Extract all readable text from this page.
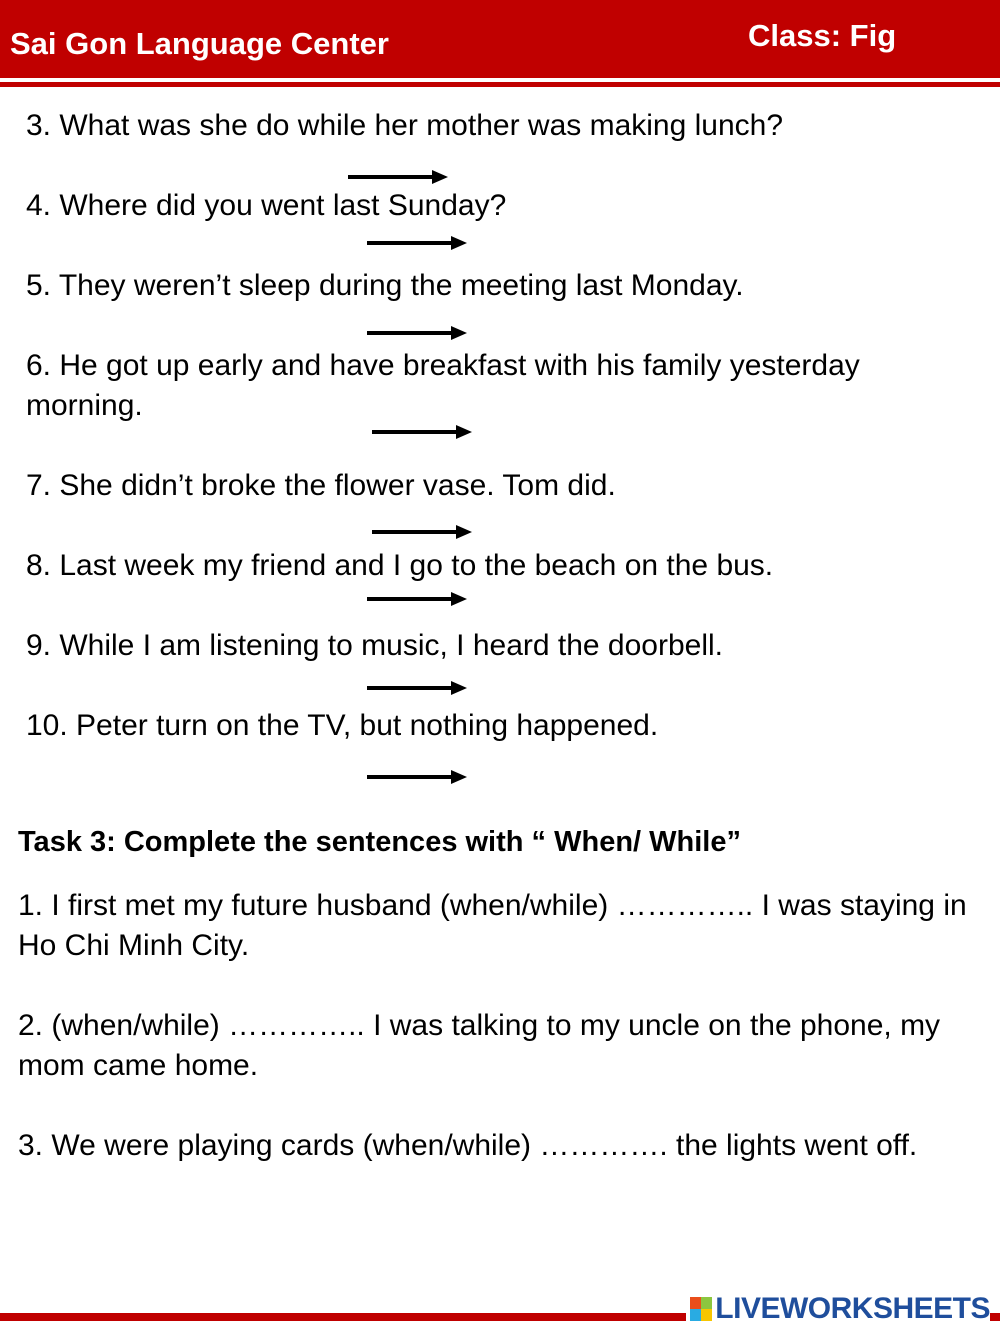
Sai Gon Language Center	Class: Fig
3. What was she do while her mother was making lunch?
4. Where did you went last Sunday?
5. They weren’t sleep during the meeting last Monday.
6. He got up early and have breakfast with his family yesterday morning.
7. She didn’t broke the flower vase. Tom did.
8. Last week my friend and I go to the beach on the bus.
9. While I am listening to music, I heard the doorbell.
10. Peter turn on the TV, but nothing happened.
Task 3: Complete the sentences with “ When/ While”
1. I first met my future husband (when/while) ………….. I was staying in Ho Chi Minh City.
2. (when/while) ………….. I was talking to my uncle on the phone, my mom came home.
3. We were playing cards (when/while) …………. the lights went off.
LIVEWORKSHEETS
